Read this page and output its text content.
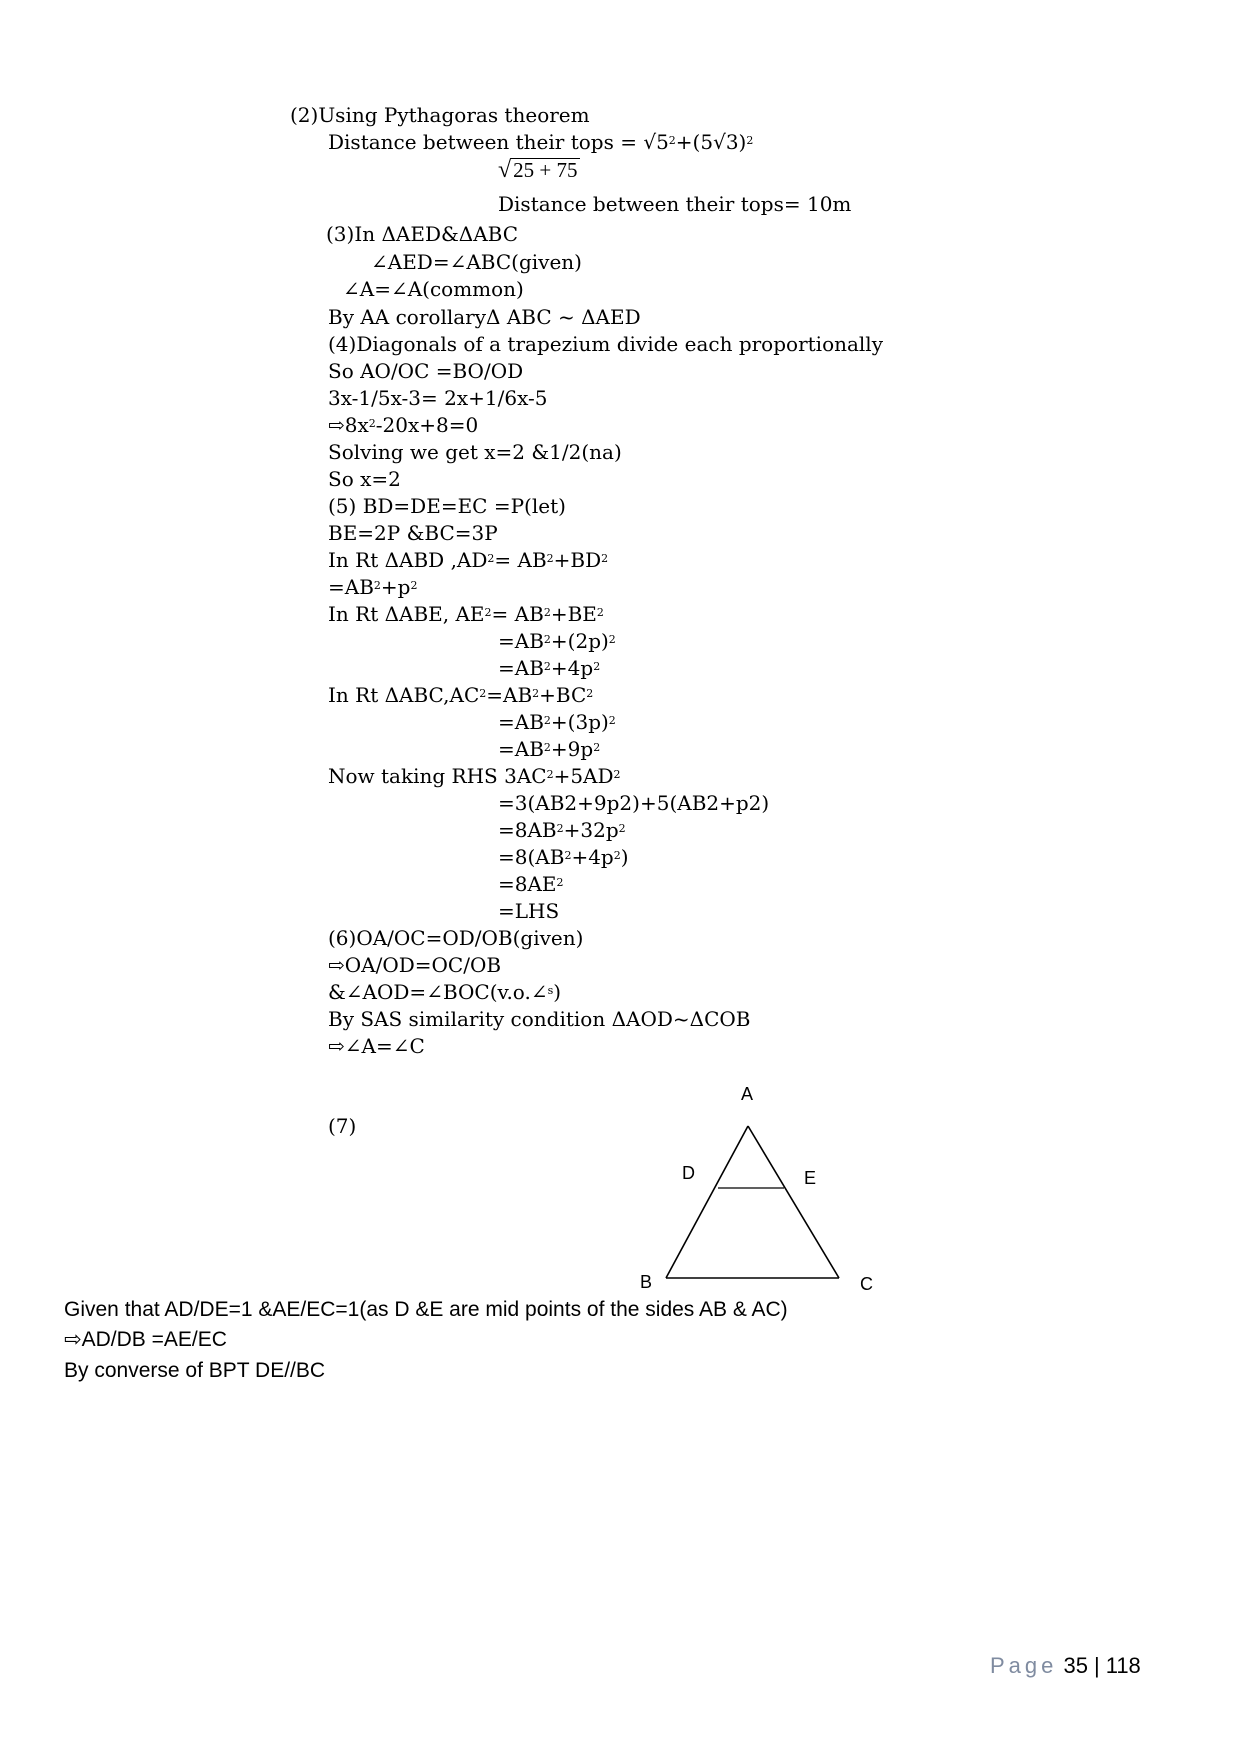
(2)Using Pythagoras theorem
Distance between their tops = $√5^2+(5√3)^2$
√25 + 75
Distance between their tops= 10m
(3)In ΔAED&ΔABC
∠AED=∠ABC(given)
∠A=∠A(common)
By AA corollaryΔ ABC ~ ΔAED
(4)Diagonals of a trapezium divide each proportionally
So AO/OC =BO/OD
3x-1/5x-3= 2x+1/6x-5
$⇨8x^2-20x+8=0$
Solving we get x=2 &1/2(na)
So x=2
(5) BD=DE=EC =P(let)
BE=2P &BC=3P
In Rt ΔABD $,AD^2= AB^2+BD^2$
$=AB^2+p^2$
In Rt ΔABE, $AE^2= AB^2+BE^2$
$=AB^2+(2p)^2$
$=AB^2+4p^2$
In Rt $\Delta ABC,AC^2=AB^2+BC^2$
$=AB^2+(3p)^2$
$=AB^2+9p^2$
Now taking RHS $3AC^2+5AD^2$
=3(AB2+9p2)+5(AB2+p2)
$=8AB^2+32p^2$
$=8(AB^2+4p^2)$
$=8AE^2$
=LHS
(6)OA/OC=OD/OB(given)
⇨OA/OD=OC/OB
&∠AOD=∠BOC(v.o.∠$^s$)
By SAS similarity condition ΔAOD~ΔCOB
⇨∠A=∠C
(7)
A
D	E
B	C
Given that AD/DE=1 &AE/EC=1(as D &E are mid points of the sides AB & AC)
⇨AD/DB =AE/EC
By converse of BPT DE//BC
Page 35 | 118
